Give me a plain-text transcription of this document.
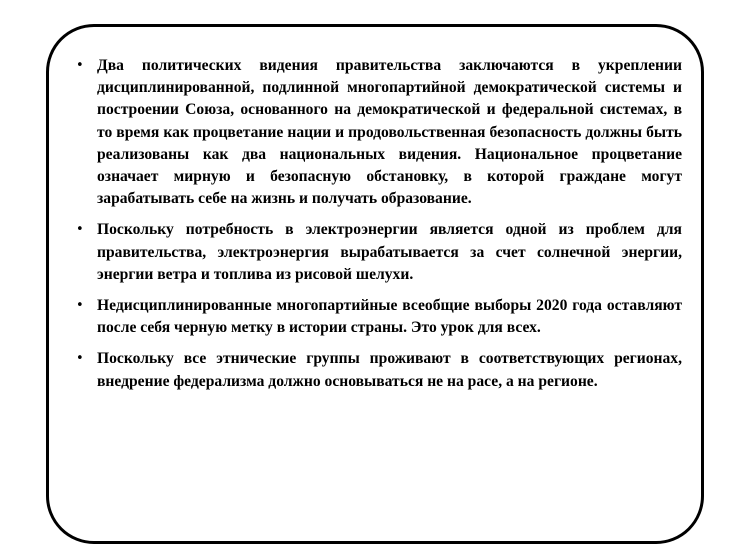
• Два политических видения правительства заключаются в укреплении дисциплинированной, подлинной многопартийной демократической системы и построении Союза, основанного на демократической и федеральной системах, в то время как процветание нации и продовольственная безопасность должны быть реализованы как два национальных видения. Национальное процветание означает мирную и безопасную обстановку, в которой граждане могут зарабатывать себе на жизнь и получать образование.
• Поскольку потребность в электроэнергии является одной из проблем для правительства, электроэнергия вырабатывается за счет солнечной энергии, энергии ветра и топлива из рисовой шелухи.
• Недисциплинированные многопартийные всеобщие выборы 2020 года оставляют после себя черную метку в истории страны. Это урок для всех.
• Поскольку все этнические группы проживают в соответствующих регионах, внедрение федерализма должно основываться не на расе, а на регионе.
